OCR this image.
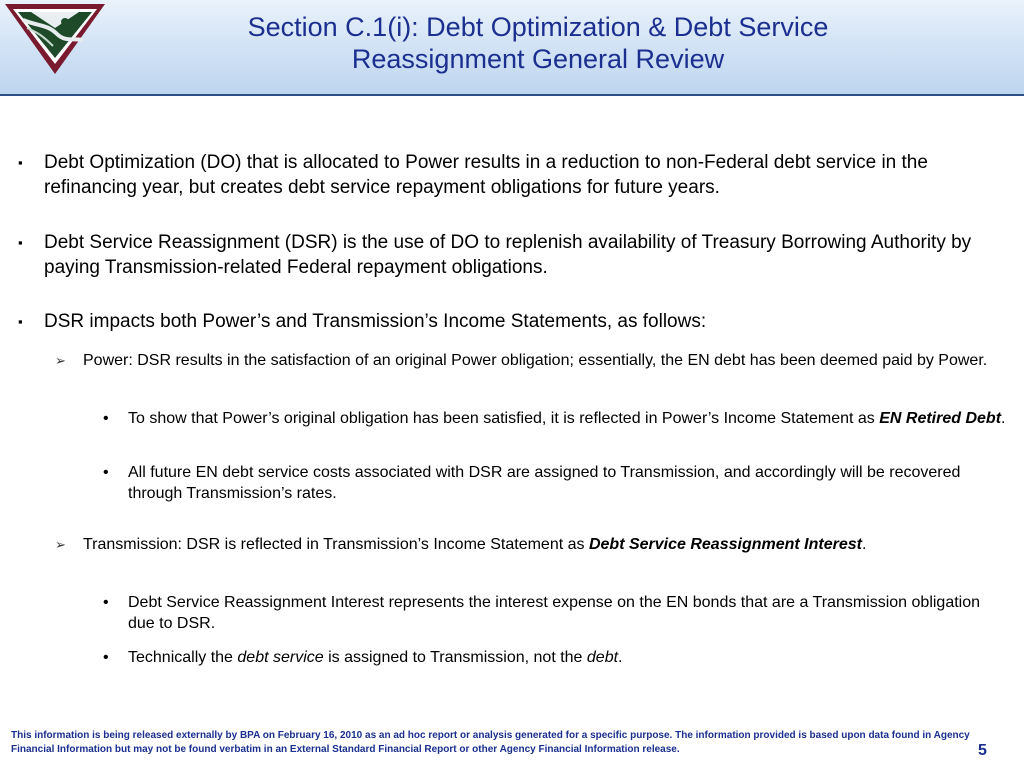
Section C.1(i): Debt Optimization & Debt Service
Reassignment General Review
▪ Debt Optimization (DO) that is allocated to Power results in a reduction to non-Federal debt service in the refinancing year, but creates debt service repayment obligations for future years.
▪ Debt Service Reassignment (DSR) is the use of DO to replenish availability of Treasury Borrowing Authority by paying Transmission-related Federal repayment obligations.
▪ DSR impacts both Power’s and Transmission’s Income Statements, as follows:
➢ Power: DSR results in the satisfaction of an original Power obligation; essentially, the EN debt has been deemed paid by Power.
• To show that Power’s original obligation has been satisfied, it is reflected in Power’s Income Statement as EN Retired Debt.
• All future EN debt service costs associated with DSR are assigned to Transmission, and accordingly will be recovered through Transmission’s rates.
➢ Transmission: DSR is reflected in Transmission’s Income Statement as Debt Service Reassignment Interest.
• Debt Service Reassignment Interest represents the interest expense on the EN bonds that are a Transmission obligation due to DSR.
• Technically the debt service is assigned to Transmission, not the debt.
This information is being released externally by BPA on February 16, 2010 as an ad hoc report or analysis generated for a specific purpose. The information provided is based upon data found in Agency Financial Information but may not be found verbatim in an External Standard Financial Report or other Agency Financial Information release.	5
